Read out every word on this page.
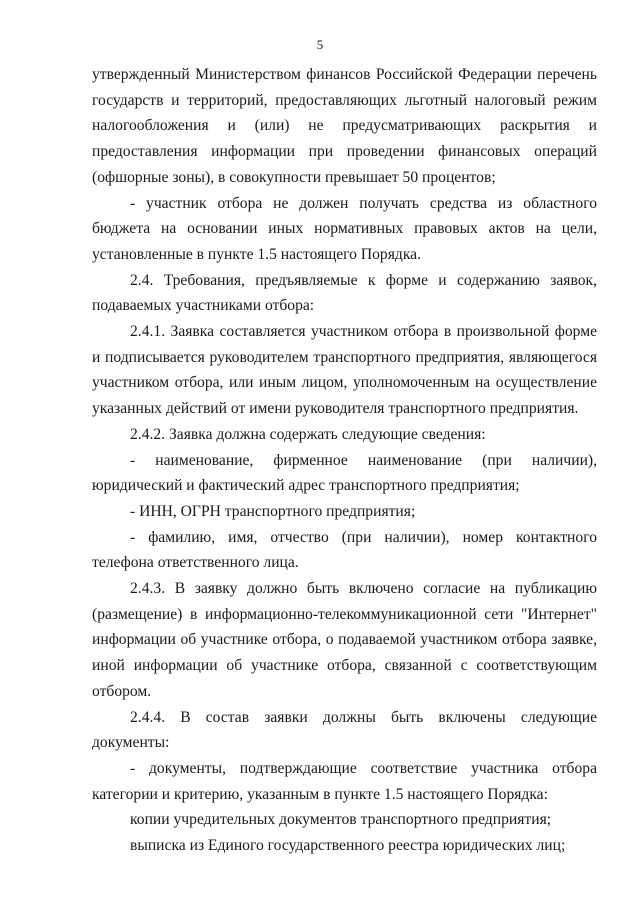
5

утвержденный Министерством финансов Российской Федерации перечень государств и территорий, предоставляющих льготный налоговый режим налогообложения и (или) не предусматривающих раскрытия и предоставления информации при проведении финансовых операций (офшорные зоны), в совокупности превышает 50 процентов;

- участник отбора не должен получать средства из областного бюджета на основании иных нормативных правовых актов на цели, установленные в пункте 1.5 настоящего Порядка.

2.4. Требования, предъявляемые к форме и содержанию заявок, подаваемых участниками отбора:

2.4.1. Заявка составляется участником отбора в произвольной форме и подписывается руководителем транспортного предприятия, являющегося участником отбора, или иным лицом, уполномоченным на осуществление указанных действий от имени руководителя транспортного предприятия.

2.4.2. Заявка должна содержать следующие сведения:

- наименование, фирменное наименование (при наличии), юридический и фактический адрес транспортного предприятия;

- ИНН, ОГРН транспортного предприятия;

- фамилию, имя, отчество (при наличии), номер контактного телефона ответственного лица.

2.4.3. В заявку должно быть включено согласие на публикацию (размещение) в информационно-телекоммуникационной сети "Интернет" информации об участнике отбора, о подаваемой участником отбора заявке, иной информации об участнике отбора, связанной с соответствующим отбором.

2.4.4. В состав заявки должны быть включены следующие документы:

- документы, подтверждающие соответствие участника отбора категории и критерию, указанным в пункте 1.5 настоящего Порядка:

копии учредительных документов транспортного предприятия;

выписка из Единого государственного реестра юридических лиц;
